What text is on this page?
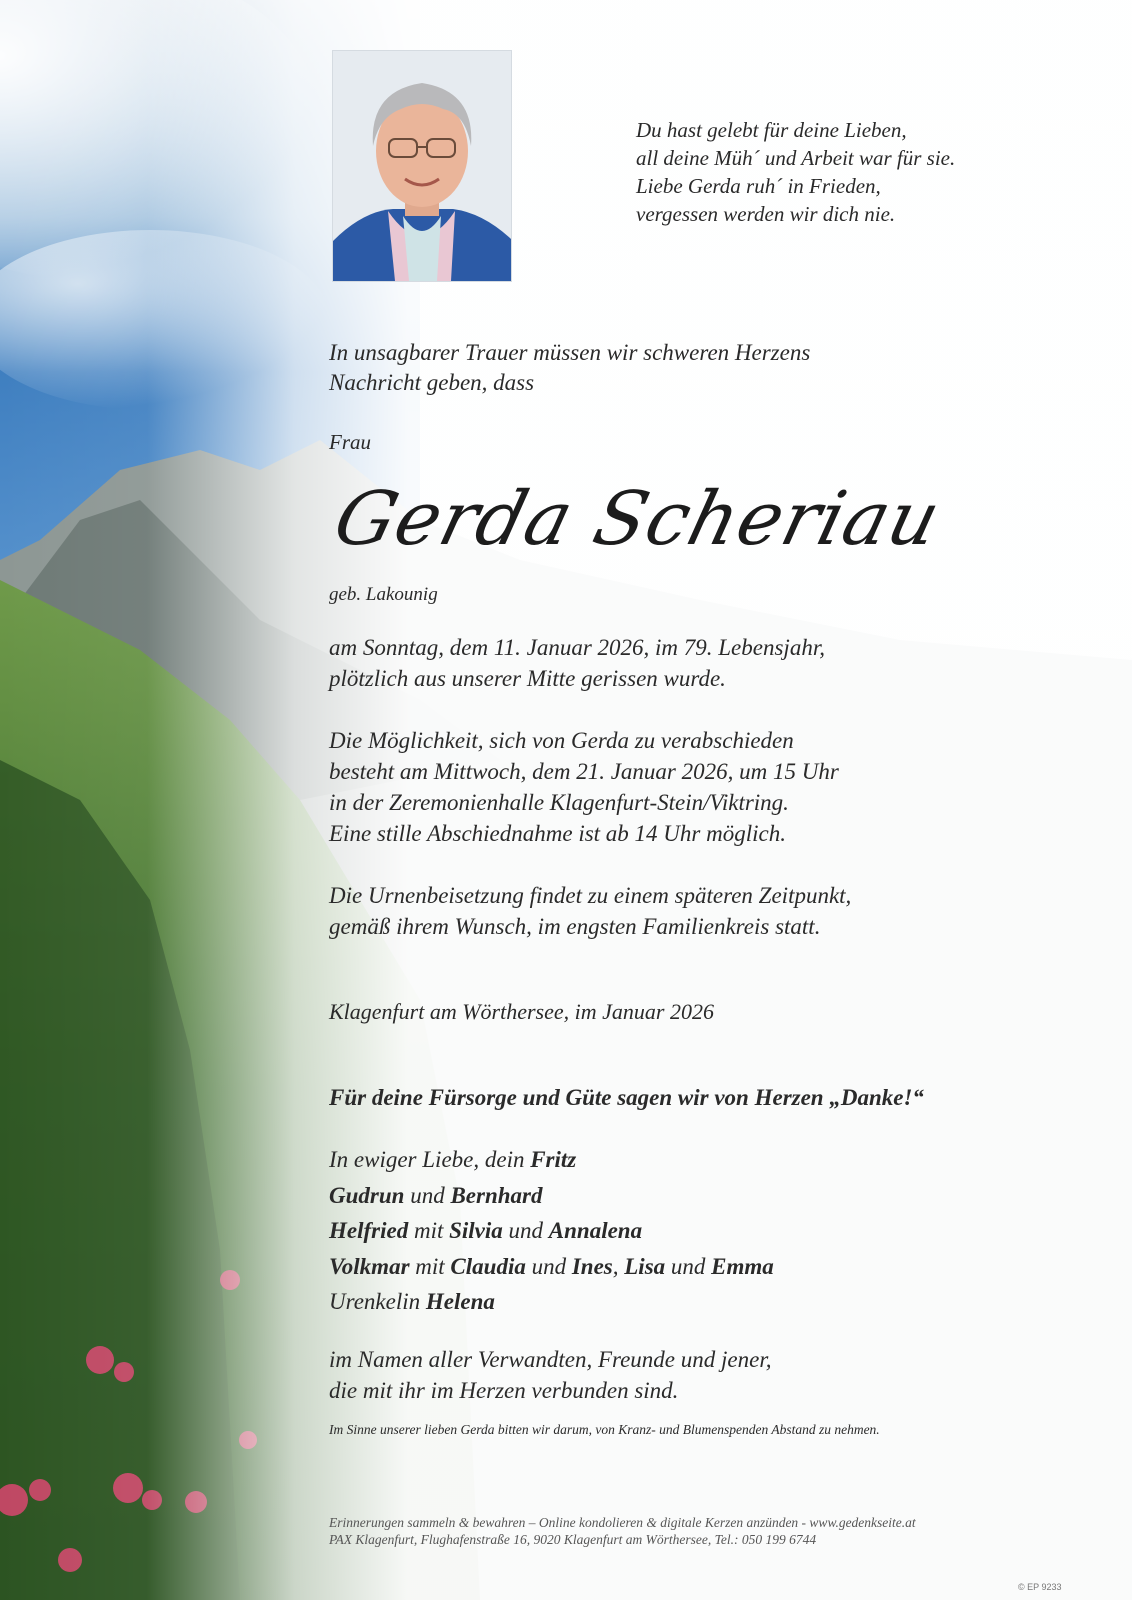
Du hast gelebt für deine Lieben,
all deine Müh´ und Arbeit war für sie.
Liebe Gerda ruh´ in Frieden,
vergessen werden wir dich nie.
In unsagbarer Trauer müssen wir schweren Herzens
Nachricht geben, dass
Frau
Gerda Scheriau
geb. Lakounig
am Sonntag, dem 11. Januar 2026, im 79. Lebensjahr,
plötzlich aus unserer Mitte gerissen wurde.
Die Möglichkeit, sich von Gerda zu verabschieden
besteht am Mittwoch, dem 21. Januar 2026, um 15 Uhr
in der Zeremonienhalle Klagenfurt-Stein/Viktring.
Eine stille Abschiednahme ist ab 14 Uhr möglich.
Die Urnenbeisetzung findet zu einem späteren Zeitpunkt,
gemäß ihrem Wunsch, im engsten Familienkreis statt.
Klagenfurt am Wörthersee, im Januar 2026
Für deine Fürsorge und Güte sagen wir von Herzen „Danke!“
In ewiger Liebe, dein Fritz
Gudrun und Bernhard
Helfried mit Silvia und Annalena
Volkmar mit Claudia und Ines, Lisa und Emma
Urenkelin Helena
im Namen aller Verwandten, Freunde und jener,
die mit ihr im Herzen verbunden sind.
Im Sinne unserer lieben Gerda bitten wir darum, von Kranz- und Blumenspenden Abstand zu nehmen.
Erinnerungen sammeln & bewahren – Online kondolieren & digitale Kerzen anzünden - www.gedenkseite.at
PAX Klagenfurt, Flughafenstraße 16, 9020 Klagenfurt am Wörthersee, Tel.: 050 199 6744
© EP 9233
